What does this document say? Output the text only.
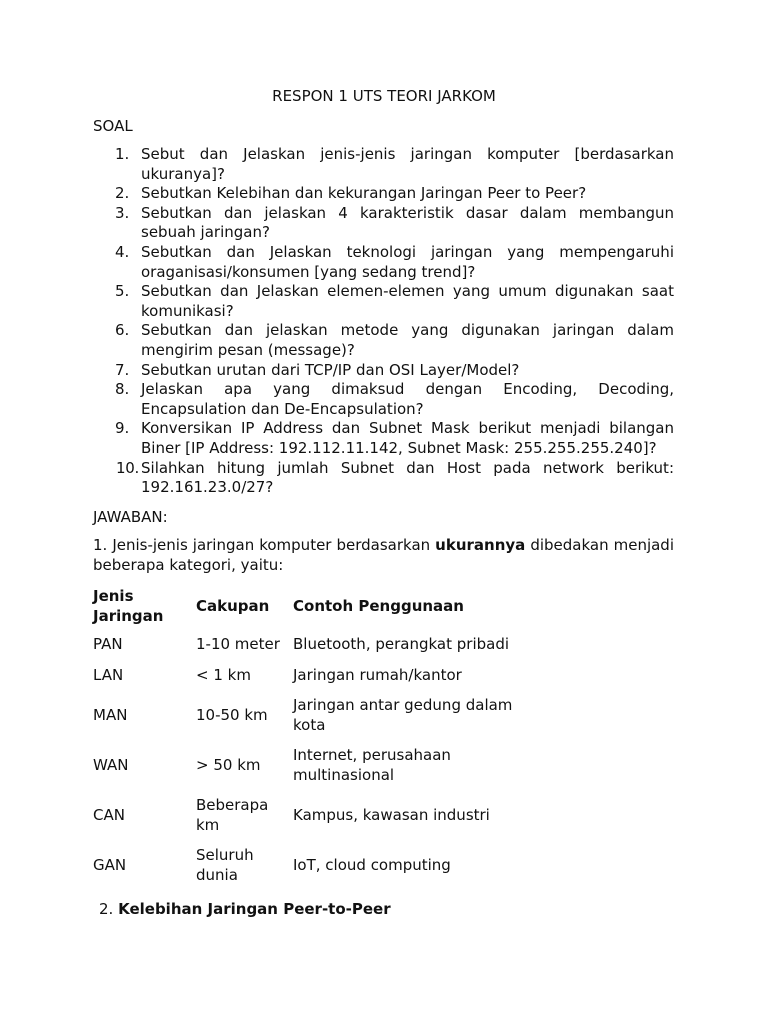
RESPON 1 UTS TEORI JARKOM
SOAL
1. Sebut dan Jelaskan jenis-jenis jaringan komputer [berdasarkan ukuranya]?
2. Sebutkan Kelebihan dan kekurangan Jaringan Peer to Peer?
3. Sebutkan dan jelaskan 4 karakteristik dasar dalam membangun sebuah jaringan?
4. Sebutkan dan Jelaskan teknologi jaringan yang mempengaruhi oraganisasi/konsumen [yang sedang trend]?
5. Sebutkan dan Jelaskan elemen-elemen yang umum digunakan saat komunikasi?
6. Sebutkan dan jelaskan metode yang digunakan jaringan dalam mengirim pesan (message)?
7. Sebutkan urutan dari TCP/IP dan OSI Layer/Model?
8. Jelaskan apa yang dimaksud dengan Encoding, Decoding, Encapsulation dan De-Encapsulation?
9. Konversikan IP Address dan Subnet Mask berikut menjadi bilangan Biner [IP Address: 192.112.11.142, Subnet Mask: 255.255.255.240]?
10. Silahkan hitung jumlah Subnet dan Host pada network berikut: 192.161.23.0/27?
JAWABAN:

1. Jenis-jenis jaringan komputer berdasarkan ukurannya dibedakan menjadi beberapa kategori, yaitu:

Jenis Jaringan	Cakupan	Contoh Penggunaan
PAN	1-10 meter	Bluetooth, perangkat pribadi
LAN	< 1 km	Jaringan rumah/kantor
MAN	10-50 km	Jaringan antar gedung dalam kota
WAN	> 50 km	Internet, perusahaan multinasional
CAN	Beberapa km	Kampus, kawasan industri
GAN	Seluruh dunia	IoT, cloud computing
2. Kelebihan Jaringan Peer-to-Peer
